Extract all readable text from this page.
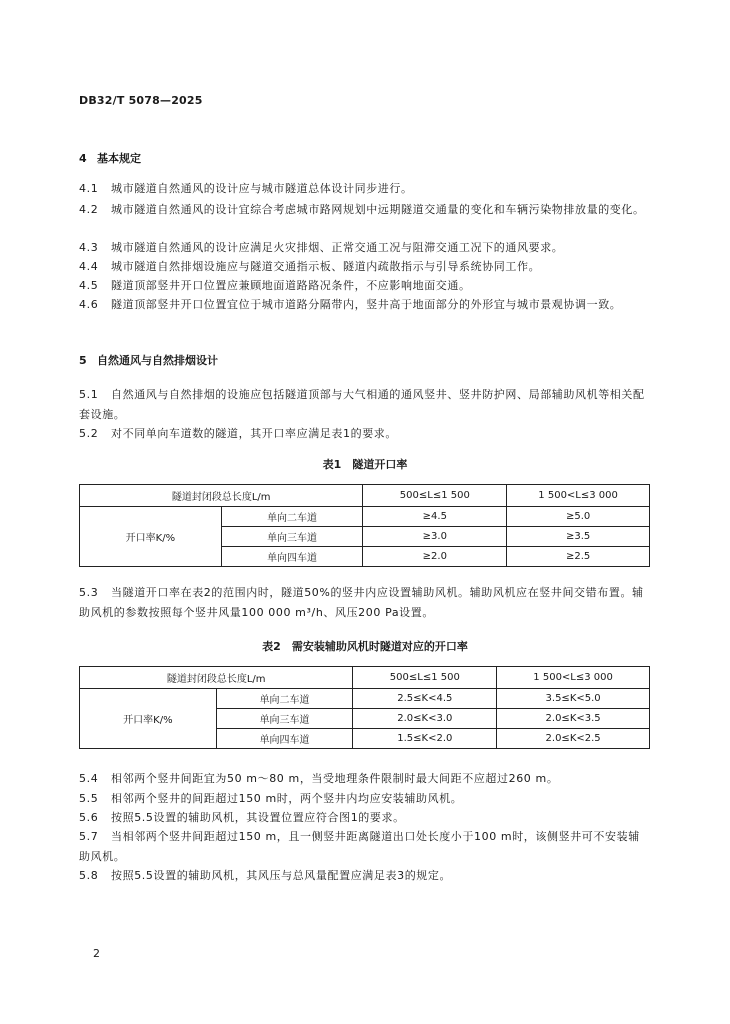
DB32/T 5078—2025
4 基本规定
4.1 城市隧道自然通风的设计应与城市隧道总体设计同步进行。
4.2 城市隧道自然通风的设计宜综合考虑城市路网规划中远期隧道交通量的变化和车辆污染物排放量的变化。
4.3 城市隧道自然通风的设计应满足火灾排烟、正常交通工况与阻滞交通工况下的通风要求。
4.4 城市隧道自然排烟设施应与隧道交通指示板、隧道内疏散指示与引导系统协同工作。
4.5 隧道顶部竖井开口位置应兼顾地面道路路况条件，不应影响地面交通。
4.6 隧道顶部竖井开口位置宜位于城市道路分隔带内，竖井高于地面部分的外形宜与城市景观协调一致。
5 自然通风与自然排烟设计
5.1 自然通风与自然排烟的设施应包括隧道顶部与大气相通的通风竖井、竖井防护网、局部辅助风机等相关配套设施。
5.2 对不同单向车道数的隧道，其开口率应满足表1的要求。
表1　隧道开口率
隧道封闭段总长度L/m		500≤L≤1 500	1 500<L≤3 000
开口率K/%	单向二车道	≥4.5	≥5.0
	单向三车道	≥3.0	≥3.5
	单向四车道	≥2.0	≥2.5
5.3 当隧道开口率在表2的范围内时，隧道50%的竖井内应设置辅助风机。辅助风机应在竖井间交错布置。辅助风机的参数按照每个竖井风量100 000 m³/h、风压200 Pa设置。
表2　需安装辅助风机时隧道对应的开口率
隧道封闭段总长度L/m		500≤L≤1 500	1 500<L≤3 000
开口率K/%	单向二车道	2.5≤K<4.5	3.5≤K<5.0
	单向三车道	2.0≤K<3.0	2.0≤K<3.5
	单向四车道	1.5≤K<2.0	2.0≤K<2.5
5.4 相邻两个竖井间距宜为50 m～80 m，当受地理条件限制时最大间距不应超过260 m。
5.5 相邻两个竖井的间距超过150 m时，两个竖井内均应安装辅助风机。
5.6 按照5.5设置的辅助风机，其设置位置应符合图1的要求。
5.7 当相邻两个竖井间距超过150 m，且一侧竖井距离隧道出口处长度小于100 m时，该侧竖井可不安装辅助风机。
5.8 按照5.5设置的辅助风机，其风压与总风量配置应满足表3的规定。
2
